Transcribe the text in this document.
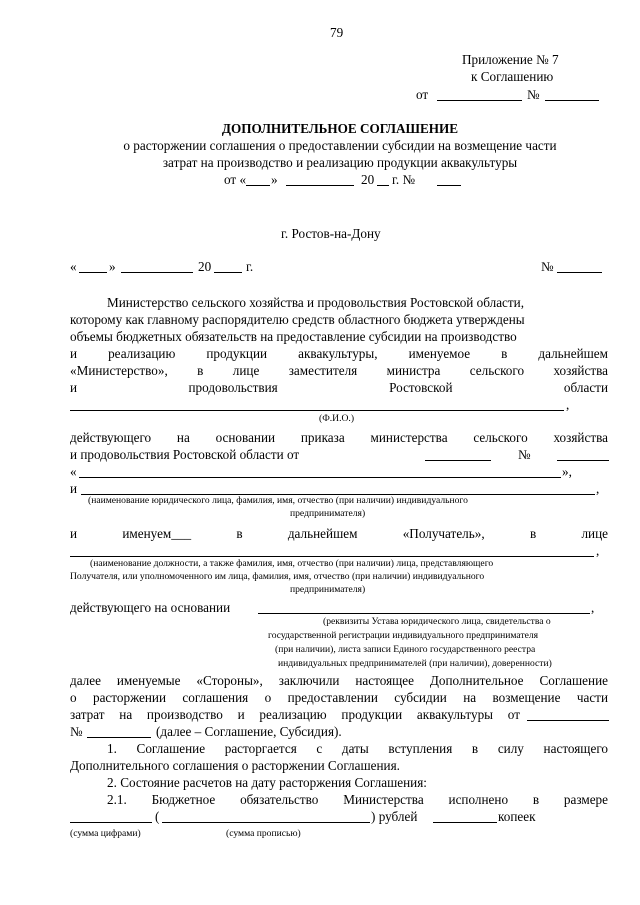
79
Приложение № 7
к Соглашению
от	№
ДОПОЛНИТЕЛЬНОЕ СОГЛАШЕНИЕ
о расторжении соглашения о предоставлении субсидии на возмещение части
затрат на производство и реализацию продукции аквакультуры
от « »	20 г. №
г. Ростов-на-Дону
« »	20	г.	№
Министерство сельского хозяйства и продовольствия Ростовской области,
которому как главному распорядителю средств областного бюджета утверждены
объемы бюджетных обязательств на предоставление субсидии на производство
и реализацию продукции аквакультуры, именуемое в дальнейшем
«Министерство», в лице заместителя министра сельского хозяйства
и продовольствия Ростовской области
,
(Ф.И.О.)
действующего на основании приказа министерства сельского хозяйства
и продовольствия Ростовской области от	№
«	»,
и	,
(наименование юридического лица, фамилия, имя, отчество (при наличии) индивидуального
предпринимателя)
и именуем___ в дальнейшем «Получатель», в лице
,
(наименование должности, а также фамилия, имя, отчество (при наличии) лица, представляющего
Получателя, или уполномоченного им лица, фамилия, имя, отчество (при наличии) индивидуального
предпринимателя)
действующего на основании	,
(реквизиты Устава юридического лица, свидетельства о
государственной регистрации индивидуального предпринимателя
(при наличии), листа записи Единого государственного реестра
индивидуальных предпринимателей (при наличии), доверенности)
далее именуемые «Стороны», заключили настоящее Дополнительное Соглашение
о расторжении соглашения о предоставлении субсидии на возмещение части
затрат на производство и реализацию продукции аквакультуры от
№	(далее – Соглашение, Субсидия).
1. Соглашение расторгается с даты вступления в силу настоящего
Дополнительного соглашения о расторжении Соглашения.
2. Состояние расчетов на дату расторжения Соглашения:
2.1. Бюджетное обязательство Министерства исполнено в размере
(	) рублей	копеек
(сумма цифрами)	(сумма прописью)
